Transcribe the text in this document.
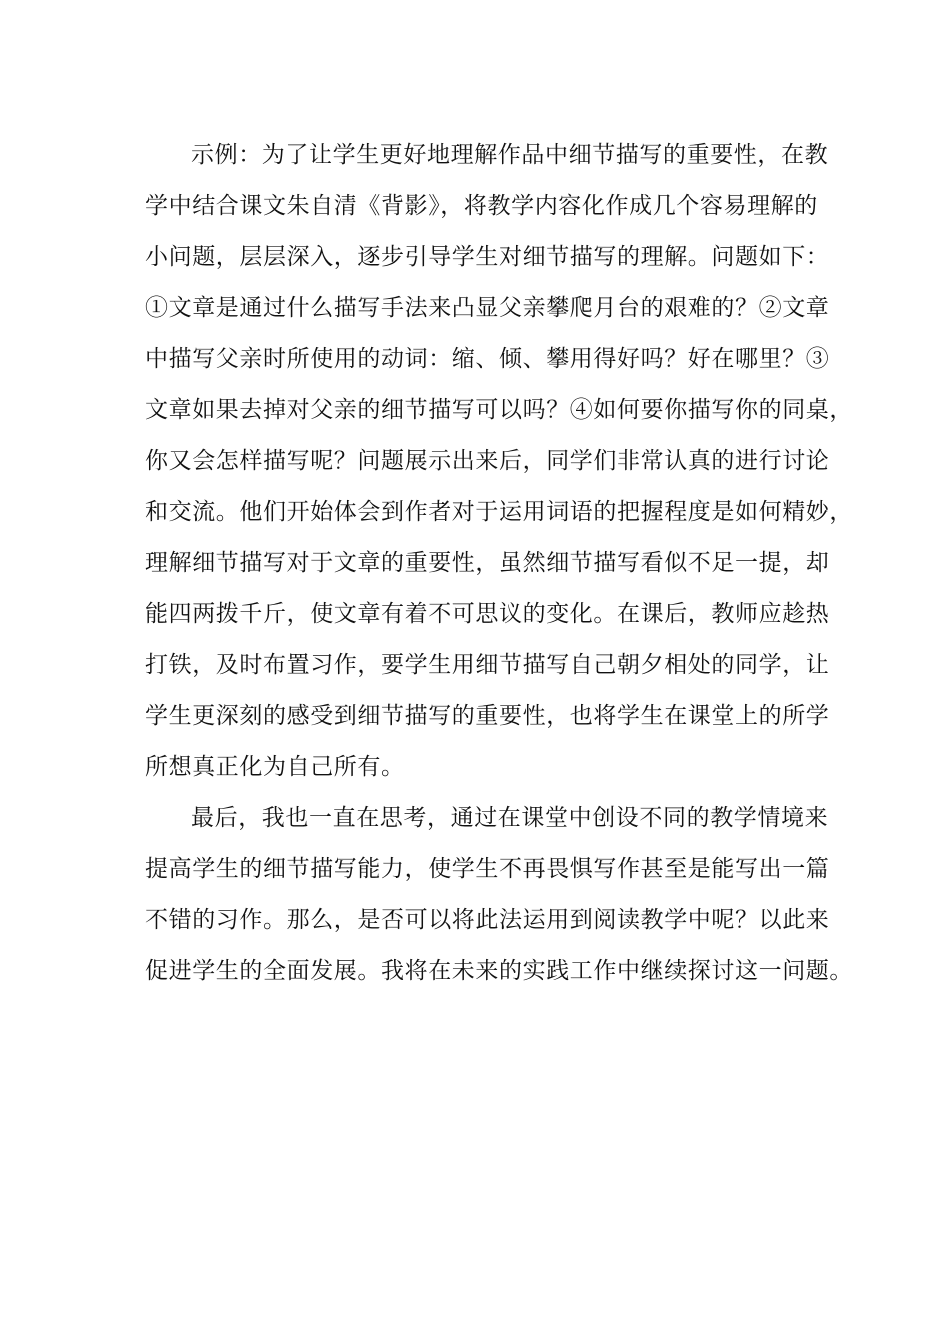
示例：为了让学生更好地理解作品中细节描写的重要性，在教
学中结合课文朱自清《背影》，将教学内容化作成几个容易理解的
小问题，层层深入，逐步引导学生对细节描写的理解。问题如下：
①文章是通过什么描写手法来凸显父亲攀爬月台的艰难的？②文章
中描写父亲时所使用的动词：缩、倾、攀用得好吗？好在哪里？③
文章如果去掉对父亲的细节描写可以吗？④如何要你描写你的同桌，
你又会怎样描写呢？问题展示出来后，同学们非常认真的进行讨论
和交流。他们开始体会到作者对于运用词语的把握程度是如何精妙，
理解细节描写对于文章的重要性，虽然细节描写看似不足一提，却
能四两拨千斤，使文章有着不可思议的变化。在课后，教师应趁热
打铁，及时布置习作，要学生用细节描写自己朝夕相处的同学，让
学生更深刻的感受到细节描写的重要性，也将学生在课堂上的所学
所想真正化为自己所有。
最后，我也一直在思考，通过在课堂中创设不同的教学情境来
提高学生的细节描写能力，使学生不再畏惧写作甚至是能写出一篇
不错的习作。那么，是否可以将此法运用到阅读教学中呢？以此来
促进学生的全面发展。我将在未来的实践工作中继续探讨这一问题。
